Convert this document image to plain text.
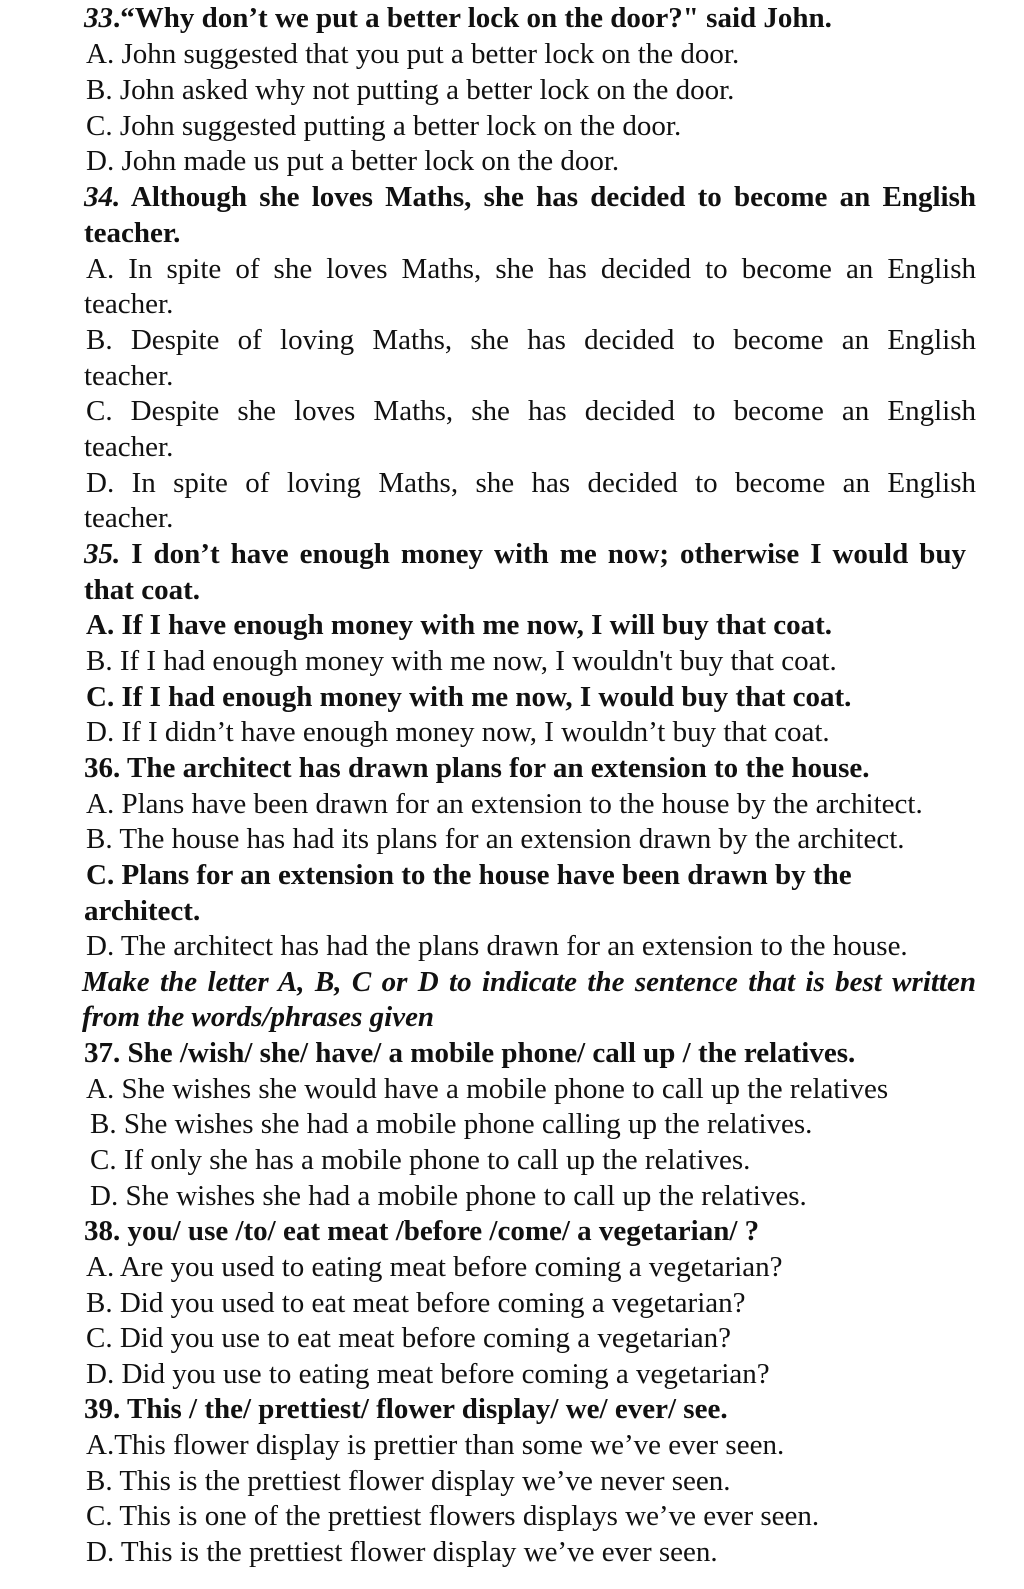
33.“Why don’t we put a better lock on the door?" said John.
A. John suggested that you put a better lock on the door.
B. John asked why not putting a better lock on the door.
C. John suggested putting a better lock on the door.
D. John made us put a better lock on the door.
34. Although she loves Maths, she has decided to become an English
teacher.
A. In spite of she loves Maths, she has decided to become an English
teacher.
B. Despite of loving Maths, she has decided to become an English
teacher.
C. Despite she loves Maths, she has decided to become an English
teacher.
D. In spite of loving Maths, she has decided to become an English
teacher.
35. I don’t have enough money with me now; otherwise I would buy
that coat.
A. If I have enough money with me now, I will buy that coat.
B. If I had enough money with me now, I wouldn't buy that coat.
C. If I had enough money with me now, I would buy that coat.
D. If I didn’t have enough money now, I wouldn’t buy that coat.
36. The architect has drawn plans for an extension to the house.
A. Plans have been drawn for an extension to the house by the architect.
B. The house has had its plans for an extension drawn by the architect.
C. Plans for an extension to the house have been drawn by the
architect.
D. The architect has had the plans drawn for an extension to the house.
Make the letter A, B, C or D to indicate the sentence that is best written
from the words/phrases given
37. She /wish/ she/ have/ a mobile phone/ call up / the relatives.
A. She wishes she would have a mobile phone to call up the relatives
B. She wishes she had a mobile phone calling up the relatives.
C. If only she has a mobile phone to call up the relatives.
D. She wishes she had a mobile phone to call up the relatives.
38. you/ use /to/ eat meat /before /come/ a vegetarian/ ?
A. Are you used to eating meat before coming a vegetarian?
B. Did you used to eat meat before coming a vegetarian?
C. Did you use to eat meat before coming a vegetarian?
D. Did you use to eating meat before coming a vegetarian?
39. This / the/ prettiest/ flower display/ we/ ever/ see.
A.This flower display is prettier than some we’ve ever seen.
B. This is the prettiest flower display we’ve never seen.
C. This is one of the prettiest flowers displays we’ve ever seen.
D. This is the prettiest flower display we’ve ever seen.
